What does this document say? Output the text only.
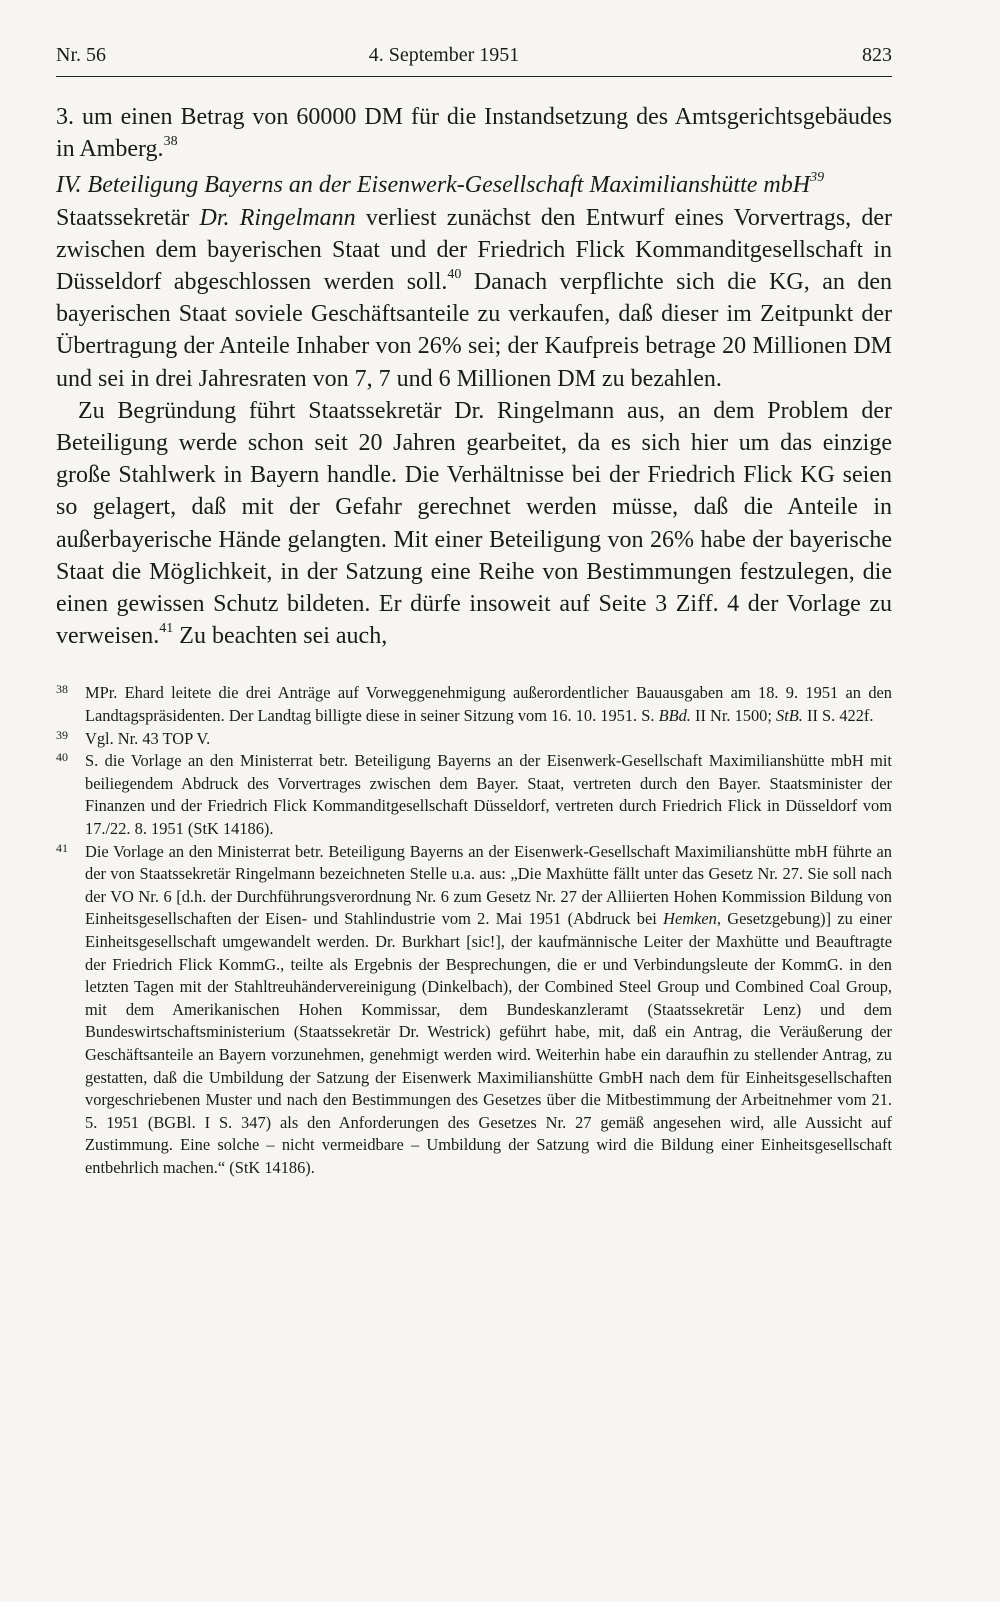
Nr. 56	4. September 1951	823

3. um einen Betrag von 60000 DM für die Instandsetzung des Amtsgerichtsgebäudes in Amberg.$^{38}$

IV. Beteiligung Bayerns an der Eisenwerk-Gesellschaft Maximilianshütte mbH$^{39}$

Staatssekretär Dr. Ringelmann verliest zunächst den Entwurf eines Vorvertrags, der zwischen dem bayerischen Staat und der Friedrich Flick Kommanditgesellschaft in Düsseldorf abgeschlossen werden soll.$^{40}$ Danach verpflichte sich die KG, an den bayerischen Staat soviele Geschäftsanteile zu verkaufen, daß dieser im Zeitpunkt der Übertragung der Anteile Inhaber von 26% sei; der Kaufpreis betrage 20 Millionen DM und sei in drei Jahresraten von 7, 7 und 6 Millionen DM zu bezahlen.

Zu Begründung führt Staatssekretär Dr. Ringelmann aus, an dem Problem der Beteiligung werde schon seit 20 Jahren gearbeitet, da es sich hier um das einzige große Stahlwerk in Bayern handle. Die Verhältnisse bei der Friedrich Flick KG seien so gelagert, daß mit der Gefahr gerechnet werden müsse, daß die Anteile in außerbayerische Hände gelangten. Mit einer Beteiligung von 26% habe der bayerische Staat die Möglichkeit, in der Satzung eine Reihe von Bestimmungen festzulegen, die einen gewissen Schutz bildeten. Er dürfe insoweit auf Seite 3 Ziff. 4 der Vorlage zu verweisen.$^{41}$ Zu beachten sei auch,

38	MPr. Ehard leitete die drei Anträge auf Vorweggenehmigung außerordentlicher Bauausgaben am 18. 9. 1951 an den Landtagspräsidenten. Der Landtag billigte diese in seiner Sitzung vom 16. 10. 1951. S. BBd. II Nr. 1500; StB. II S. 422f.
39	Vgl. Nr. 43 TOP V.
40	S. die Vorlage an den Ministerrat betr. Beteiligung Bayerns an der Eisenwerk-Gesellschaft Maximilianshütte mbH mit beiliegendem Abdruck des Vorvertrages zwischen dem Bayer. Staat, vertreten durch den Bayer. Staatsminister der Finanzen und der Friedrich Flick Kommanditgesellschaft Düsseldorf, vertreten durch Friedrich Flick in Düsseldorf vom 17./22. 8. 1951 (StK 14186).
41	Die Vorlage an den Ministerrat betr. Beteiligung Bayerns an der Eisenwerk-Gesellschaft Maximilianshütte mbH führte an der von Staatssekretär Ringelmann bezeichneten Stelle u.a. aus: „Die Maxhütte fällt unter das Gesetz Nr. 27. Sie soll nach der VO Nr. 6 [d.h. der Durchführungsverordnung Nr. 6 zum Gesetz Nr. 27 der Alliierten Hohen Kommission Bildung von Einheitsgesellschaften der Eisen- und Stahlindustrie vom 2. Mai 1951 (Abdruck bei Hemken, Gesetzgebung)] zu einer Einheitsgesellschaft umgewandelt werden. Dr. Burkhart [sic!], der kaufmännische Leiter der Maxhütte und Beauftragte der Friedrich Flick KommG., teilte als Ergebnis der Besprechungen, die er und Verbindungsleute der KommG. in den letzten Tagen mit der Stahltreuhändervereinigung (Dinkelbach), der Combined Steel Group und Combined Coal Group, mit dem Amerikanischen Hohen Kommissar, dem Bundeskanzleramt (Staatssekretär Lenz) und dem Bundeswirtschaftsministerium (Staatssekretär Dr. Westrick) geführt habe, mit, daß ein Antrag, die Veräußerung der Geschäftsanteile an Bayern vorzunehmen, genehmigt werden wird. Weiterhin habe ein daraufhin zu stellender Antrag, zu gestatten, daß die Umbildung der Satzung der Eisenwerk Maximilianshütte GmbH nach dem für Einheitsgesellschaften vorgeschriebenen Muster und nach den Bestimmungen des Gesetzes über die Mitbestimmung der Arbeitnehmer vom 21. 5. 1951 (BGBl. I S. 347) als den Anforderungen des Gesetzes Nr. 27 gemäß angesehen wird, alle Aussicht auf Zustimmung. Eine solche – nicht vermeidbare – Umbildung der Satzung wird die Bildung einer Einheitsgesellschaft entbehrlich machen.“ (StK 14186).
